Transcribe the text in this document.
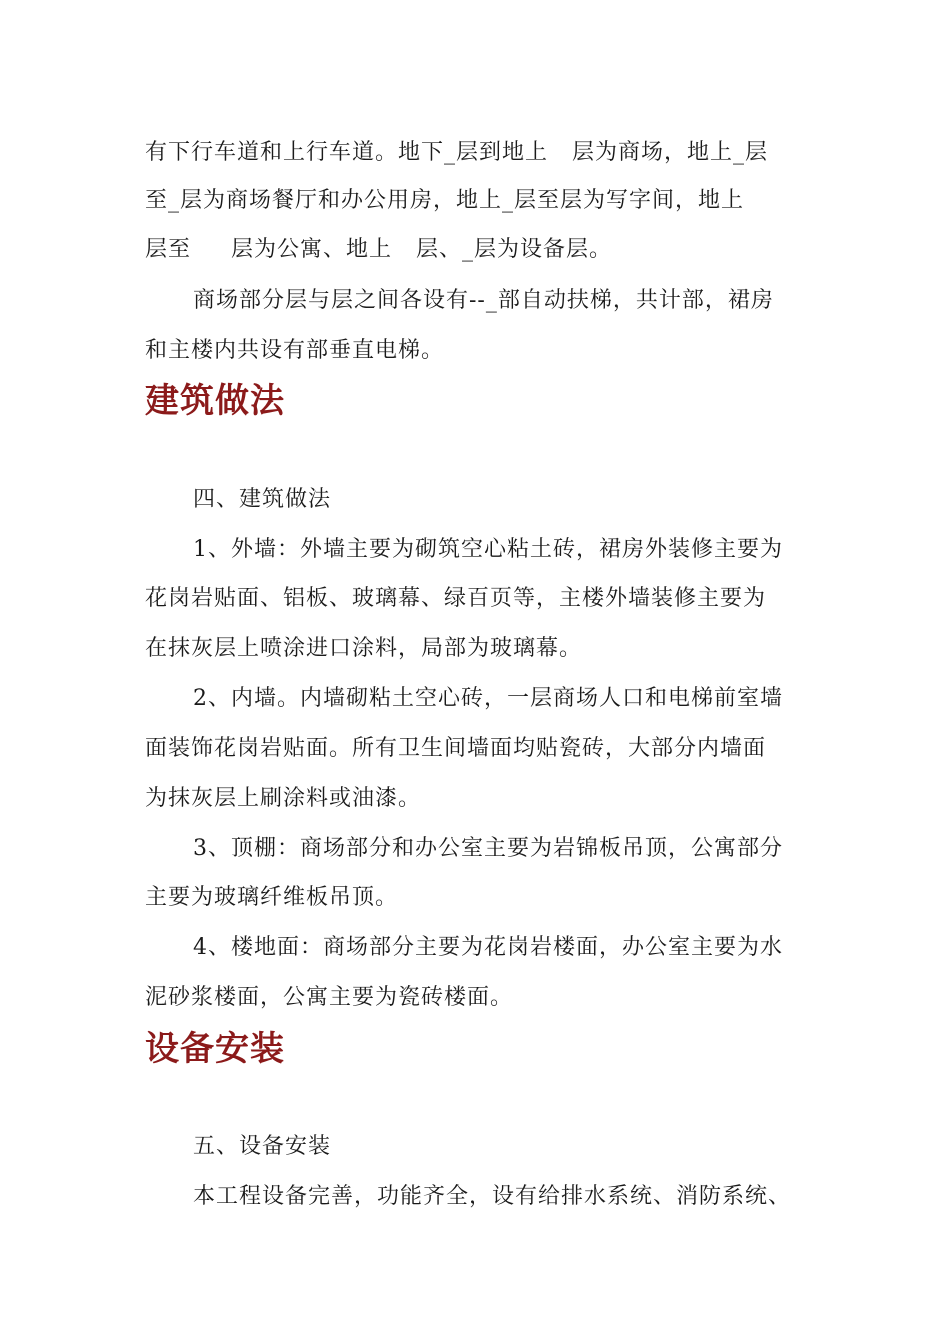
有下行车道和上行车道。地下_层到地上   层为商场，地上_层
至_层为商场餐厅和办公用房，地上_层至层为写字间，地上
层至     层为公寓、地上   层、_层为设备层。
商场部分层与层之间各设有--_部自动扶梯，共计部，裙房
和主楼内共设有部垂直电梯。
建筑做法
四、建筑做法
1、外墙：外墙主要为砌筑空心粘土砖，裙房外装修主要为
花岗岩贴面、铝板、玻璃幕、绿百页等，主楼外墙装修主要为
在抹灰层上喷涂进口涂料，局部为玻璃幕。
2、内墙。内墙砌粘土空心砖，一层商场人口和电梯前室墙
面装饰花岗岩贴面。所有卫生间墙面均贴瓷砖，大部分内墙面
为抹灰层上刷涂料或油漆。
3、顶棚：商场部分和办公室主要为岩锦板吊顶，公寓部分
主要为玻璃纤维板吊顶。
4、楼地面：商场部分主要为花岗岩楼面，办公室主要为水
泥砂浆楼面，公寓主要为瓷砖楼面。
设备安装
五、设备安装
本工程设备完善，功能齐全，设有给排水系统、消防系统、
